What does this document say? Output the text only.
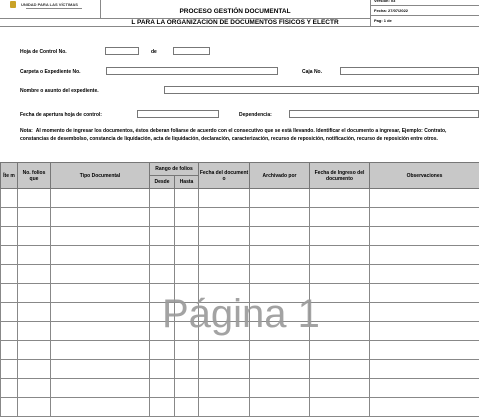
UNIDAD PARA LAS VÍCTIMAS
PROCESO GESTIÓN DOCUMENTAL
L PARA LA ORGANIZACIÓN DE DOCUMENTOS FÍSICOS Y ELECTR
Versión: 03
Fecha: 27/07/2022
Pag: 1 de
Hoja de Control No.	de
Carpeta o Expediente No.	Caja No.
Nombre o asunto del expediente.
Fecha de apertura hoja de control:	Dependencia:
Nota: Al momento de ingresar los documentos, éstos deberan foliarse de acuerdo con el consecutivo que se està llevando. Identificar el documento a ingresar, Ejemplo: Contrato, constancias de desembolso, constancia de liquidación, acta de liquidación, declaración, caracterización, recurso de reposición, notificación, recurso de reposición entre otros.
Íte m	No. folios que	Tipo Documental	Rango de folios		Fecha del document o	Archivado por	Fecha de Ingreso del documento	Observaciones
			Desde	Hasta				

Página 1
